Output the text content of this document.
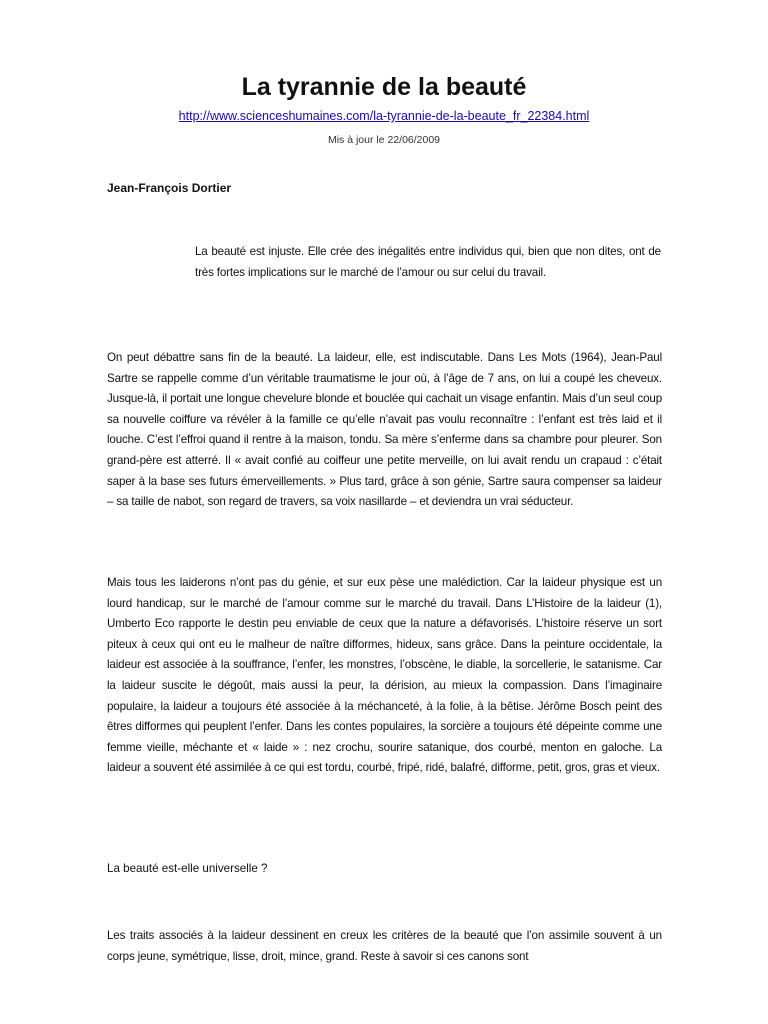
La tyrannie de la beauté
http://www.scienceshumaines.com/la-tyrannie-de-la-beaute_fr_22384.html
Mis à jour le 22/06/2009
Jean-François Dortier

La beauté est injuste. Elle crée des inégalités entre individus qui, bien que non dites, ont de très fortes implications sur le marché de l’amour ou sur celui du travail.

On peut débattre sans fin de la beauté. La laideur, elle, est indiscutable. Dans Les Mots (1964), Jean-Paul Sartre se rappelle comme d’un véritable traumatisme le jour où, à l’âge de 7 ans, on lui a coupé les cheveux. Jusque-là, il portait une longue chevelure blonde et bouclée qui cachait un visage enfantin. Mais d’un seul coup sa nouvelle coiffure va révéler à la famille ce qu’elle n’avait pas voulu reconnaître : l’enfant est très laid et il louche. C’est l’effroi quand il rentre à la maison, tondu. Sa mère s’enferme dans sa chambre pour pleurer. Son grand-père est atterré. Il « avait confié au coiffeur une petite merveille, on lui avait rendu un crapaud : c’était saper à la base ses futurs émerveillements. » Plus tard, grâce à son génie, Sartre saura compenser sa laideur – sa taille de nabot, son regard de travers, sa voix nasillarde – et deviendra un vrai séducteur.

Mais tous les laiderons n’ont pas du génie, et sur eux pèse une malédiction. Car la laideur physique est un lourd handicap, sur le marché de l’amour comme sur le marché du travail. Dans L’Histoire de la laideur (1), Umberto Eco rapporte le destin peu enviable de ceux que la nature a défavorisés. L’histoire réserve un sort piteux à ceux qui ont eu le malheur de naître difformes, hideux, sans grâce. Dans la peinture occidentale, la laideur est associée à la souffrance, l’enfer, les monstres, l’obscène, le diable, la sorcellerie, le satanisme. Car la laideur suscite le dégoût, mais aussi la peur, la dérision, au mieux la compassion. Dans l’imaginaire populaire, la laideur a toujours été associée à la méchanceté, à la folie, à la bêtise. Jérôme Bosch peint des êtres difformes qui peuplent l’enfer. Dans les contes populaires, la sorcière a toujours été dépeinte comme une femme vieille, méchante et « laide » : nez crochu, sourire satanique, dos courbé, menton en galoche. La laideur a souvent été assimilée à ce qui est tordu, courbé, fripé, ridé, balafré, difforme, petit, gros, gras et vieux.

La beauté est-elle universelle ?

Les traits associés à la laideur dessinent en creux les critères de la beauté que l’on assimile souvent à un corps jeune, symétrique, lisse, droit, mince, grand. Reste à savoir si ces canons sont
